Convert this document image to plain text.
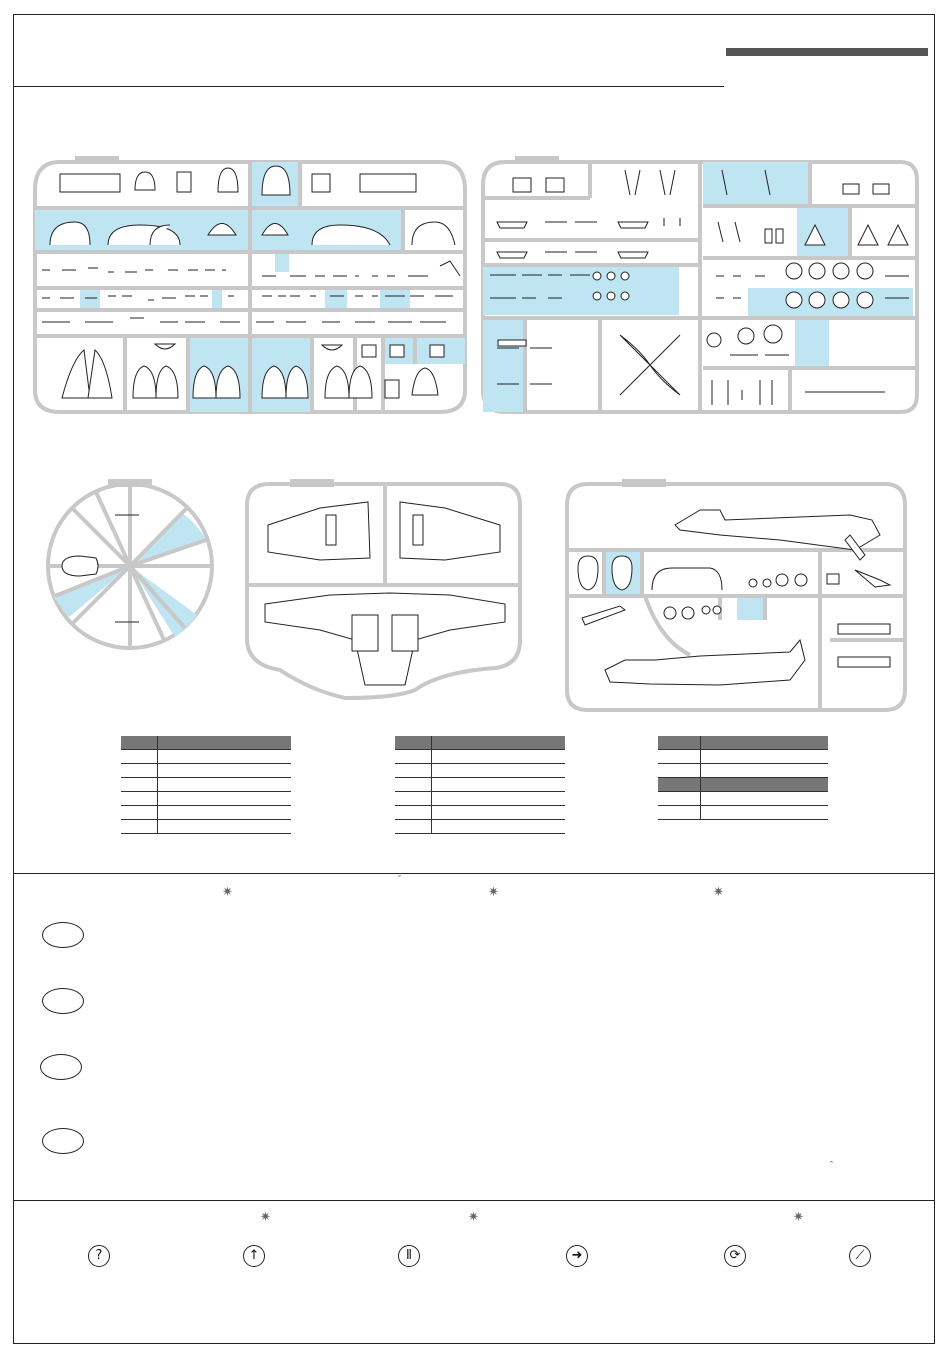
ˇ
✷	✷	✷
ˆ
✷	✷	✷
?	↑	⫴	➜	⟳	⟋
